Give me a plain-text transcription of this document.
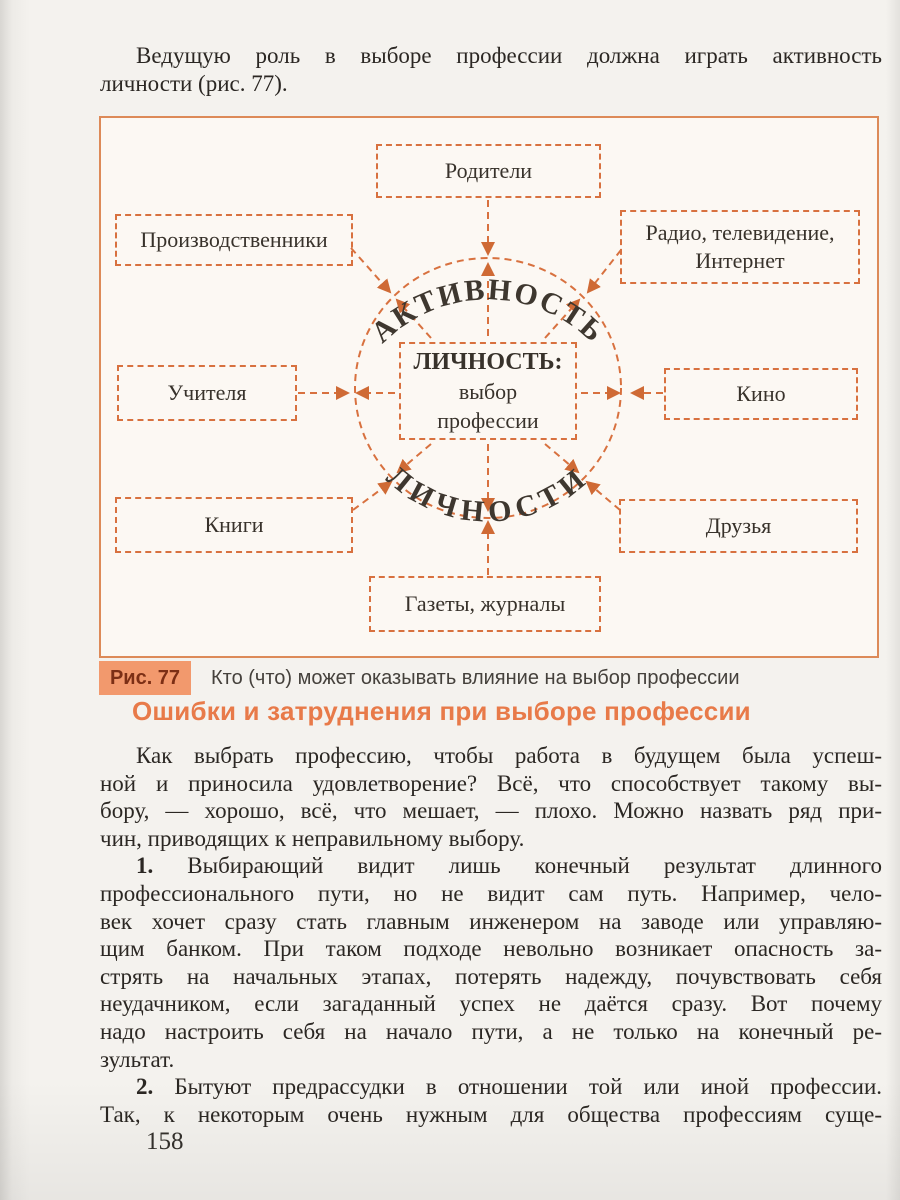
Ведущую роль в выборе профессии должна играть активность
личности (рис. 77).
АКТИВНОСТЬ
ЛИЧНОСТИ
Родители
Производственники	Радио, телевидение,
Интернет
Учителя	Кино
Книги	Друзья
Газеты, журналы
ЛИЧНОСТЬ:
выбор
профессии
Рис. 77	Кто (что) может оказывать влияние на выбор профессии
Ошибки и затруднения при выборе профессии
Как выбрать профессию, чтобы работа в будущем была успеш-
ной и приносила удовлетворение? Всё, что способствует такому вы-
бору, — хорошо, всё, что мешает, — плохо. Можно назвать ряд при-
чин, приводящих к неправильному выбору.
1. Выбирающий видит лишь конечный результат длинного
профессионального пути, но не видит сам путь. Например, чело-
век хочет сразу стать главным инженером на заводе или управляю-
щим банком. При таком подходе невольно возникает опасность за-
стрять на начальных этапах, потерять надежду, почувствовать себя
неудачником, если загаданный успех не даётся сразу. Вот почему
надо настроить себя на начало пути, а не только на конечный ре-
зультат.
2. Бытуют предрассудки в отношении той или иной профессии.
Так, к некоторым очень нужным для общества профессиям суще-
158
